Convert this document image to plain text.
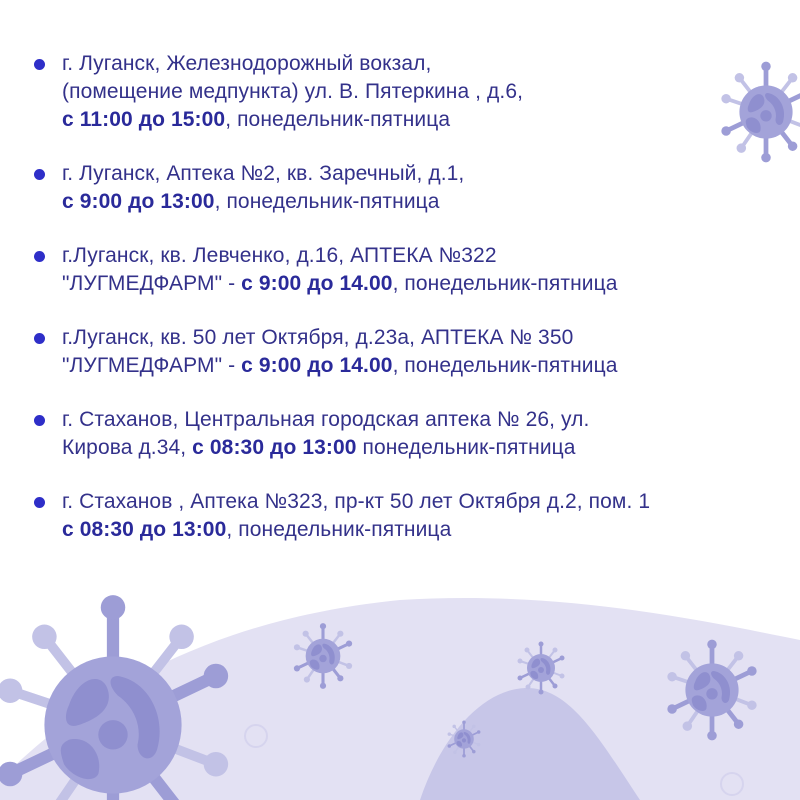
г. Луганск, Железнодорожный вокзал,
(помещение медпункта) ул. В. Пятеркина , д.6,
с 11:00 до 15:00, понедельник-пятница
г. Луганск, Аптека №2, кв. Заречный, д.1,
с 9:00 до 13:00, понедельник-пятница
г.Луганск, кв. Левченко, д.16, АПТЕКА №322
"ЛУГМЕДФАРМ" - с 9:00 до 14.00, понедельник-пятница
г.Луганск, кв. 50 лет Октября, д.23а, АПТЕКА № 350
"ЛУГМЕДФАРМ" - с 9:00 до 14.00, понедельник-пятница
г. Стаханов, Центральная городская аптека № 26, ул.
Кирова д.34, с 08:30 до 13:00 понедельник-пятница
г. Стаханов , Аптека №323, пр-кт 50 лет Октября д.2, пом. 1
с 08:30 до 13:00, понедельник-пятница
